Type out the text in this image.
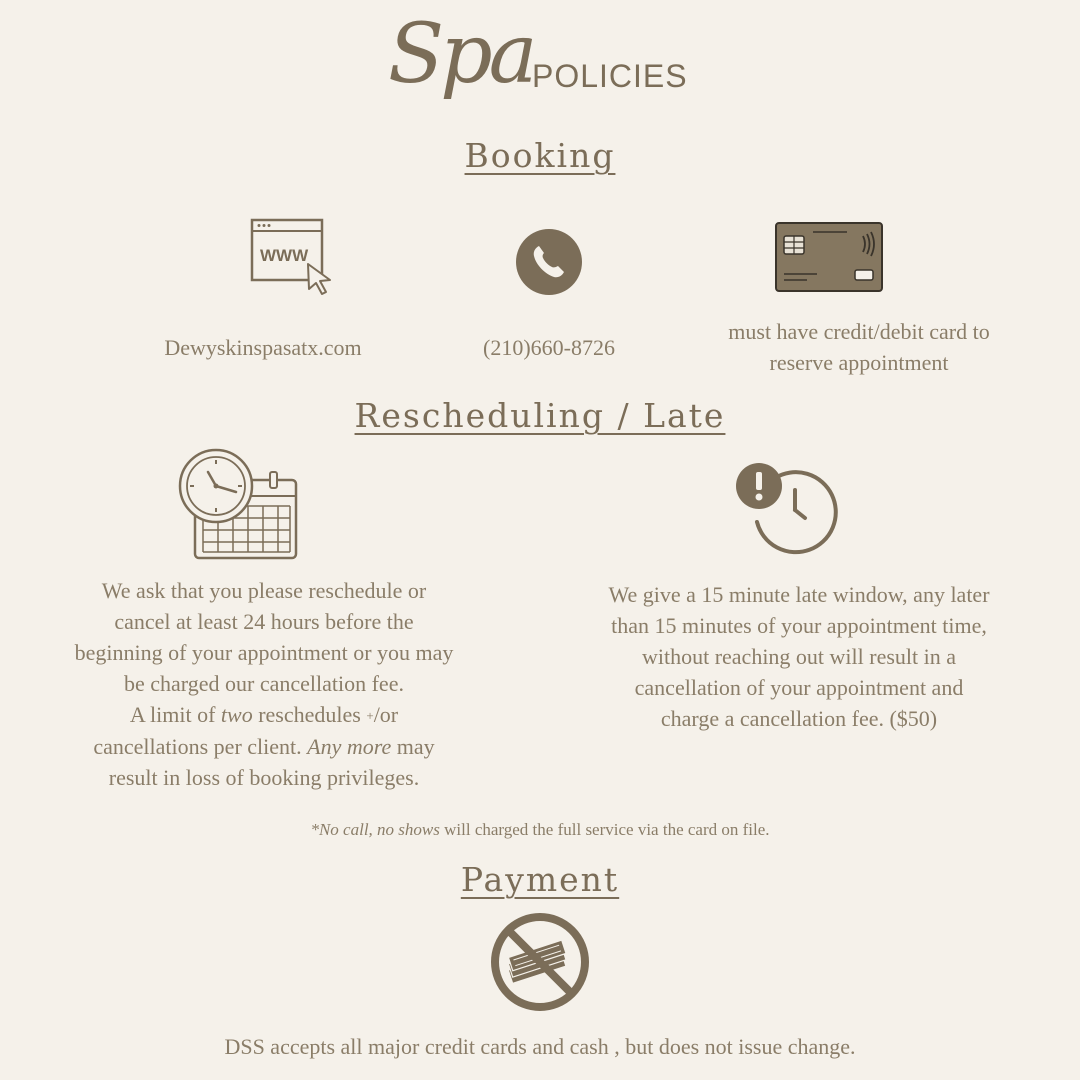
Spa
POLICIES
Booking
WWW
Dewyskinspasatx.com	(210)660-8726
must have credit/debit card to reserve appointment
Rescheduling / Late
We ask that you please reschedule or
cancel at least 24 hours before the
beginning of your appointment or you may
be charged our cancellation fee.
A limit of two reschedules +/or
cancellations per client. Any more may
result in loss of booking privileges.
We give a 15 minute late window, any later
than 15 minutes of your appointment time,
without reaching out will result in a
cancellation of your appointment and
charge a cancellation fee. ($50)
*No call, no shows will charged the full service via the card on file.
Payment
DSS accepts all major credit cards and cash , but does not issue change.
